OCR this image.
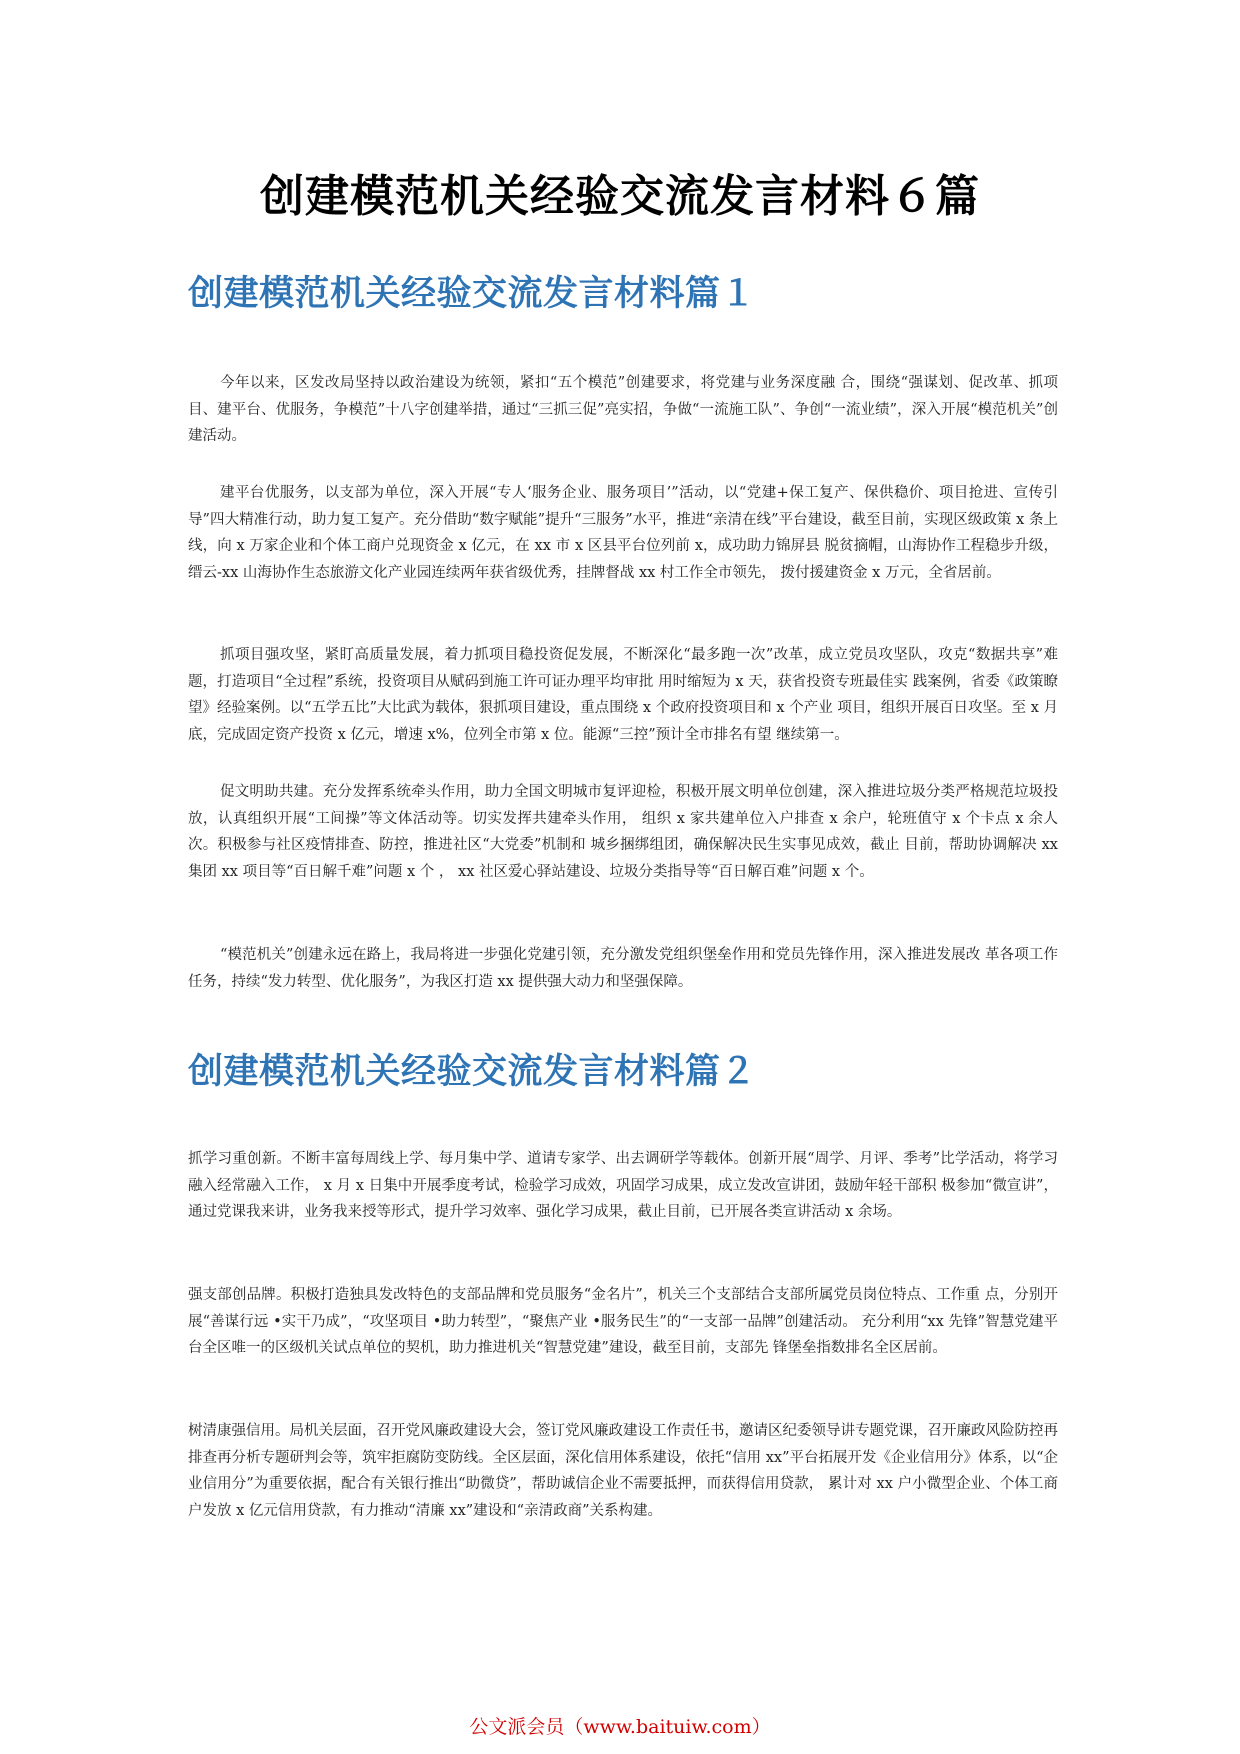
创建模范机关经验交流发言材料６篇
创建模范机关经验交流发言材料篇１

今年以来，区发改局坚持以政治建设为统领，紧扣“五个模范”创建要求，将党建与业务深度融 合，围绕“强谋划、促改革、抓项目、建平台、优服务，争模范”十八字创建举措，通过“三抓三促”亮实招，争做“一流施工队”、争创“一流业绩”，深入开展“模范机关”创建活动。

建平台优服务，以支部为单位，深入开展“专人‘服务企业、服务项目’”活动，以“党建+保工复产、保供稳价、项目抢进、宣传引导”四大精准行动，助力复工复产。充分借助“数字赋能”提升“三服务”水平，推进“亲清在线”平台建设，截至目前，实现区级政策 x 条上线，向 x 万家企业和个体工商户兑现资金 x 亿元，在 xx 市 x 区县平台位列前 x，成功助力锦屏县 脱贫摘帽，山海协作工程稳步升级，缙云-xx 山海协作生态旅游文化产业园连续两年获省级优秀，挂牌督战 xx 村工作全市领先， 拨付援建资金 x 万元，全省居前。

抓项目强攻坚，紧盯高质量发展，着力抓项目稳投资促发展，不断深化“最多跑一次”改革，成立党员攻坚队，攻克“数据共享”难题，打造项目“全过程”系统，投资项目从赋码到施工许可证办理平均审批 用时缩短为 x 天，获省投资专班最佳实 践案例，省委《政策瞭望》经验案例。以“五学五比”大比武为载体，狠抓项目建设，重点围绕 x 个政府投资项目和 x 个产业 项目，组织开展百日攻坚。至 x 月底，完成固定资产投资 x 亿元，增速 x%，位列全市第 x 位。能源“三控”预计全市排名有望 继续第一。

促文明助共建。充分发挥系统牵头作用，助力全国文明城市复评迎检，积极开展文明单位创建，深入推进垃圾分类严格规范垃圾投放，认真组织开展“工间操”等文体活动等。切实发挥共建牵头作用， 组织 x 家共建单位入户排查 x 余户，轮班值守 x 个卡点 x 余人次。积极参与社区疫情排查、防控，推进社区“大党委”机制和 城乡捆绑组团，确保解决民生实事见成效，截止 目前，帮助协调解决 xx 集团 xx 项目等“百日解千难”问题 x 个 ， xx 社区爱心驿站建设、垃圾分类指导等“百日解百难”问题 x 个。

“模范机关”创建永远在路上，我局将进一步强化党建引领，充分激发党组织堡垒作用和党员先锋作用，深入推进发展改 革各项工作任务，持续“发力转型、优化服务”，为我区打造 xx 提供强大动力和坚强保障。

创建模范机关经验交流发言材料篇２

抓学习重创新。不断丰富每周线上学、每月集中学、道请专家学、出去调研学等载体。创新开展“周学、月评、季考”比学活动，将学习融入经常融入工作， x 月 x 日集中开展季度考试，检验学习成效，巩固学习成果，成立发改宣讲团，鼓励年轻干部积 极参加“微宣讲”，通过党课我来讲，业务我来授等形式，提升学习效率、强化学习成果，截止目前，已开展各类宣讲活动 x 余场。

强支部创品牌。积极打造独具发改特色的支部品牌和党员服务“金名片”，机关三个支部结合支部所属党员岗位特点、工作重 点，分别开展“善谋行远 •实干乃成”，“攻坚项目 •助力转型”，“聚焦产业 •服务民生”的“一支部一品牌”创建活动。 充分利用“xx 先锋”智慧党建平台全区唯一的区级机关试点单位的契机，助力推进机关“智慧党建”建设，截至目前，支部先 锋堡垒指数排名全区居前。

树清康强信用。局机关层面，召开党风廉政建设大会，签订党风廉政建设工作责任书，邀请区纪委领导讲专题党课，召开廉政风险防控再排查再分析专题研判会等，筑牢拒腐防变防线。全区层面，深化信用体系建设，依托“信用 xx”平台拓展开发《企业信用分》体系，以“企业信用分”为重要依据，配合有关银行推出“助微贷”，帮助诚信企业不需要抵押，而获得信用贷款， 累计对 xx 户小微型企业、个体工商户发放 x 亿元信用贷款，有力推动“清廉 xx”建设和“亲清政商”关系构建。

公文派会员（www.baituiw.com）
